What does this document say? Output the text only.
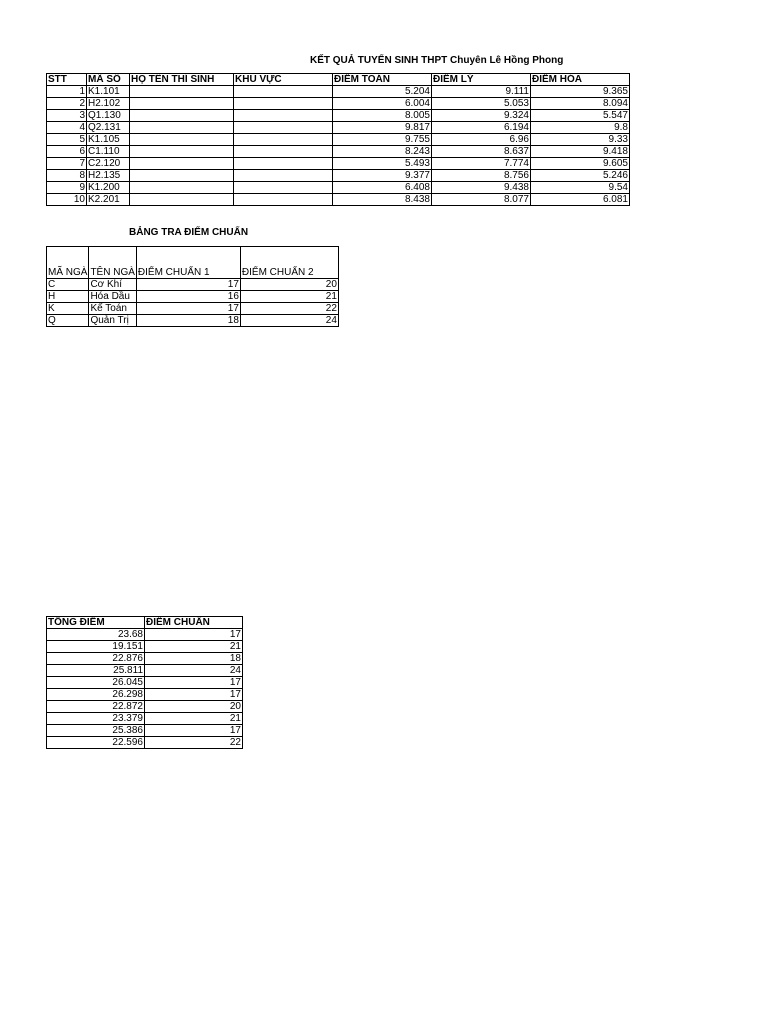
KẾT QUẢ TUYỂN SINH THPT Chuyên Lê Hồng Phong
STT	MÃ SỐ	HỌ TÊN THÍ SINH	KHU VỰC	ĐIỂM TOÁN	ĐIỂM LÝ	ĐIỂM HÓA
1	K1.101			5.204	9.111	9.365
2	H2.102			6.004	5.053	8.094
3	Q1.130			8.005	9.324	5.547
4	Q2.131			9.817	6.194	9.8
5	K1.105			9.755	6.96	9.33
6	C1.110			8.243	8.637	9.418
7	C2.120			5.493	7.774	9.605
8	H2.135			9.377	8.756	5.246
9	K1.200			6.408	9.438	9.54
10	K2.201			8.438	8.077	6.081
BẢNG TRA ĐIỂM CHUẨN
MÃ NGÀ	TÊN NGÀ	ĐIỂM CHUẨN 1	ĐIỂM CHUẨN 2
C	Cơ Khí	17	20
H	Hóa Dầu	16	21
K	Kế Toán	17	22
Q	Quản Trị	18	24
TỔNG ĐIỂM	ĐIỂM CHUẨN
23.68	17
19.151	21
22.876	18
25.811	24
26.045	17
26.298	17
22.872	20
23.379	21
25.386	17
22.596	22
